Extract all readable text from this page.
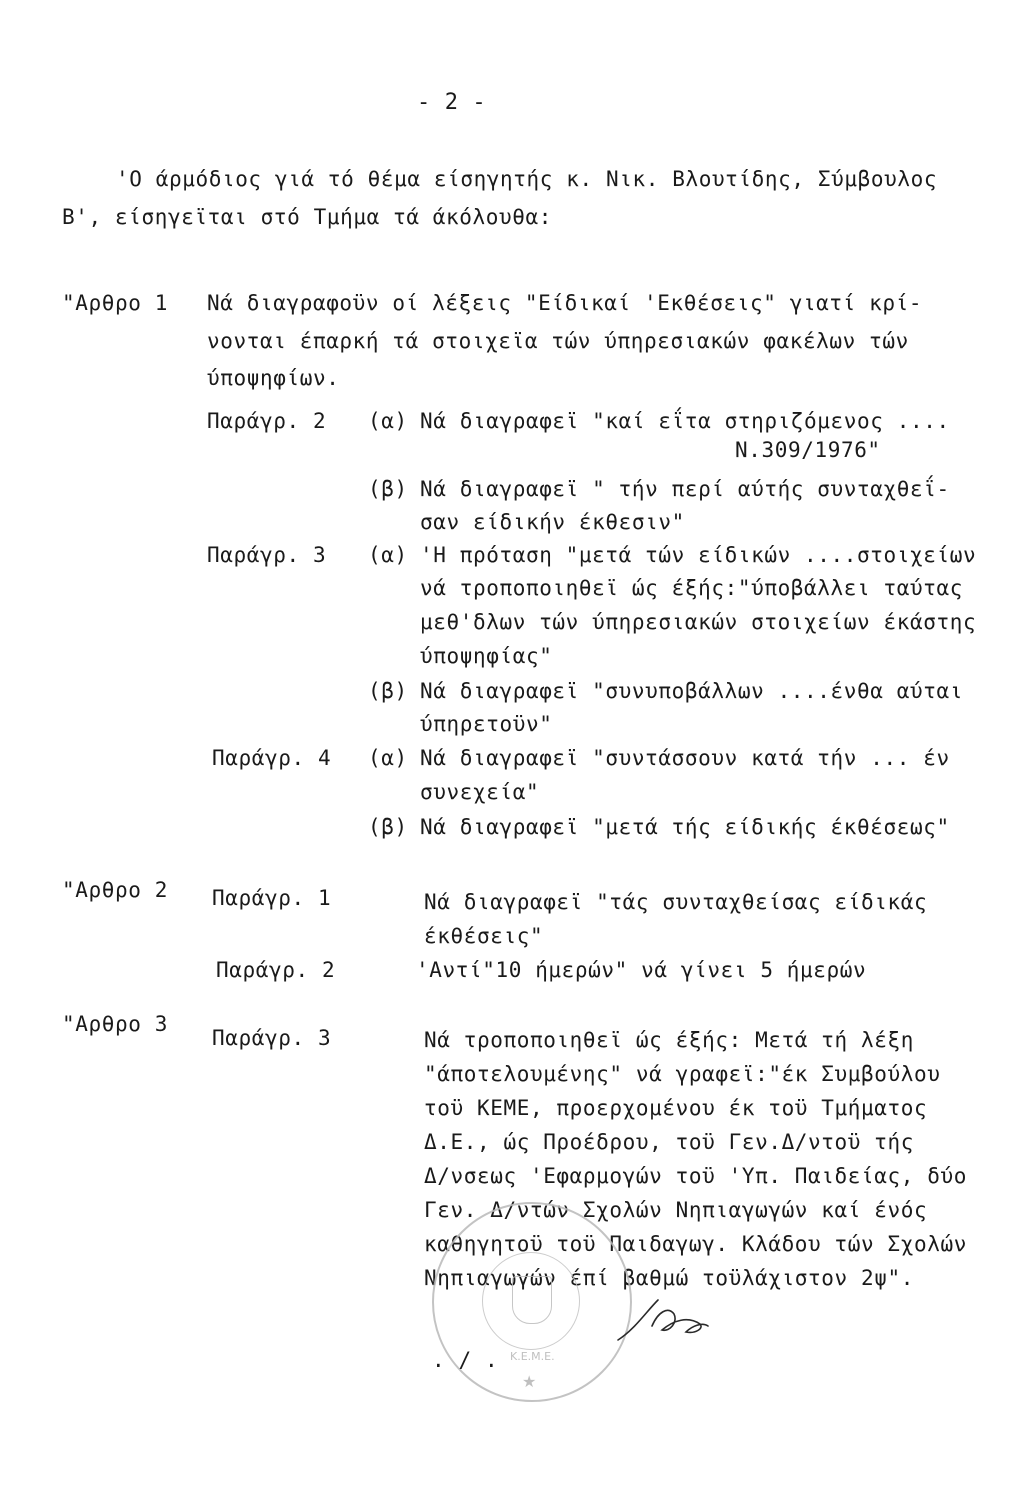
- 2 -
'Ο άρμόδιος γιά τό θέμα είσηγητής κ. Νικ. Βλουτίδης, Σύμβουλος
Β', είσηγεϊται στό Τμήμα τά άκόλουθα:
"Αρθρο 1 Νά διαγραφοϋν οί λέξεις "Είδικαί 'Εκθέσεις" γιατί κρί-
νονται έπαρκή τά στοιχεϊα τών ύπηρεσιακών φακέλων τών
ύποψηφίων.
Παράγρ. 2 (α) Νά διαγραφεϊ "καί εΐτα στηριζόμενος ....
Ν.309/1976"
(β) Νά διαγραφεϊ " τήν περί αύτής συνταχθεΐ-
σαν είδικήν έκθεσιν"
Παράγρ. 3 (α) 'Η πρόταση "μετά τών είδικών ....στοιχείων
νά τροποποιηθεϊ ώς έξής:"ύποβάλλει ταύτας
μεθ'δλων τών ύπηρεσιακών στοιχείων έκάστης
ύποψηφίας"
(β) Νά διαγραφεϊ "συνυποβάλλων ....ένθα αύται
ύπηρετοϋν"
Παράγρ. 4 (α) Νά διαγραφεϊ "συντάσσουν κατά τήν ... έν
συνεχεία"
(β) Νά διαγραφεϊ "μετά τής είδικής έκθέσεως"
"Αρθρο 2 Παράγρ. 1	Νά διαγραφεϊ "τάς συνταχθείσας είδικάς
έκθέσεις"
Παράγρ. 2	'Αντί"10 ήμερών" νά γίνει 5 ήμερών
"Αρθρο 3
Παράγρ. 3	Νά τροποποιηθεϊ ώς έξής: Μετά τή λέξη
"άποτελουμένης" νά γραφεϊ:"έκ Συμβούλου
τοϋ ΚΕΜΕ, προερχομένου έκ τοϋ Τμήματος
Δ.Ε., ώς Προέδρου, τοϋ Γεν.Δ/ντοϋ τής
Δ/νσεως 'Εφαρμογών τοϋ 'Υπ. Παιδείας, δύο
Γεν. Δ/ντών Σχολών Νηπιαγωγών καί ένός
καθηγητοϋ τοϋ Παιδαγωγ. Κλάδου τών Σχολών
Νηπιαγωγών έπί βαθμώ τοϋλάχιστον 2ψ".
Κ.Ε.Μ.Ε.
★
. / .
